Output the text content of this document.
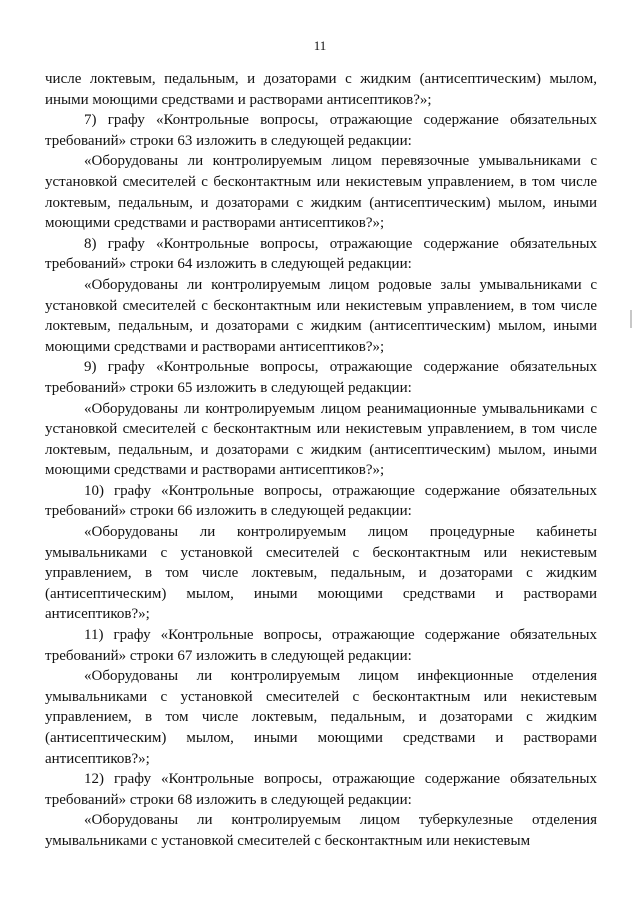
11

числе локтевым, педальным, и дозаторами с жидким (антисептическим) мылом, иными моющими средствами и растворами антисептиков?»;

7) графу «Контрольные вопросы, отражающие содержание обязательных требований» строки 63 изложить в следующей редакции:

«Оборудованы ли контролируемым лицом перевязочные умывальниками с установкой смесителей с бесконтактным или некистевым управлением, в том числе локтевым, педальным, и дозаторами с жидким (антисептическим) мылом, иными моющими средствами и растворами антисептиков?»;

8) графу «Контрольные вопросы, отражающие содержание обязательных требований» строки 64 изложить в следующей редакции:

«Оборудованы ли контролируемым лицом родовые залы умывальниками с установкой смесителей с бесконтактным или некистевым управлением, в том числе локтевым, педальным, и дозаторами с жидким (антисептическим) мылом, иными моющими средствами и растворами антисептиков?»;

9) графу «Контрольные вопросы, отражающие содержание обязательных требований» строки 65 изложить в следующей редакции:

«Оборудованы ли контролируемым лицом реанимационные умывальниками с установкой смесителей с бесконтактным или некистевым управлением, в том числе локтевым, педальным, и дозаторами с жидким (антисептическим) мылом, иными моющими средствами и растворами антисептиков?»;

10) графу «Контрольные вопросы, отражающие содержание обязательных требований» строки 66 изложить в следующей редакции:

«Оборудованы ли контролируемым лицом процедурные кабинеты умывальниками с установкой смесителей с бесконтактным или некистевым управлением, в том числе локтевым, педальным, и дозаторами с жидким (антисептическим) мылом, иными моющими средствами и растворами антисептиков?»;

11) графу «Контрольные вопросы, отражающие содержание обязательных требований» строки 67 изложить в следующей редакции:

«Оборудованы ли контролируемым лицом инфекционные отделения умывальниками с установкой смесителей с бесконтактным или некистевым управлением, в том числе локтевым, педальным, и дозаторами с жидким (антисептическим) мылом, иными моющими средствами и растворами антисептиков?»;

12) графу «Контрольные вопросы, отражающие содержание обязательных требований» строки 68 изложить в следующей редакции:

«Оборудованы ли контролируемым лицом туберкулезные отделения умывальниками с установкой смесителей с бесконтактным или некистевым
